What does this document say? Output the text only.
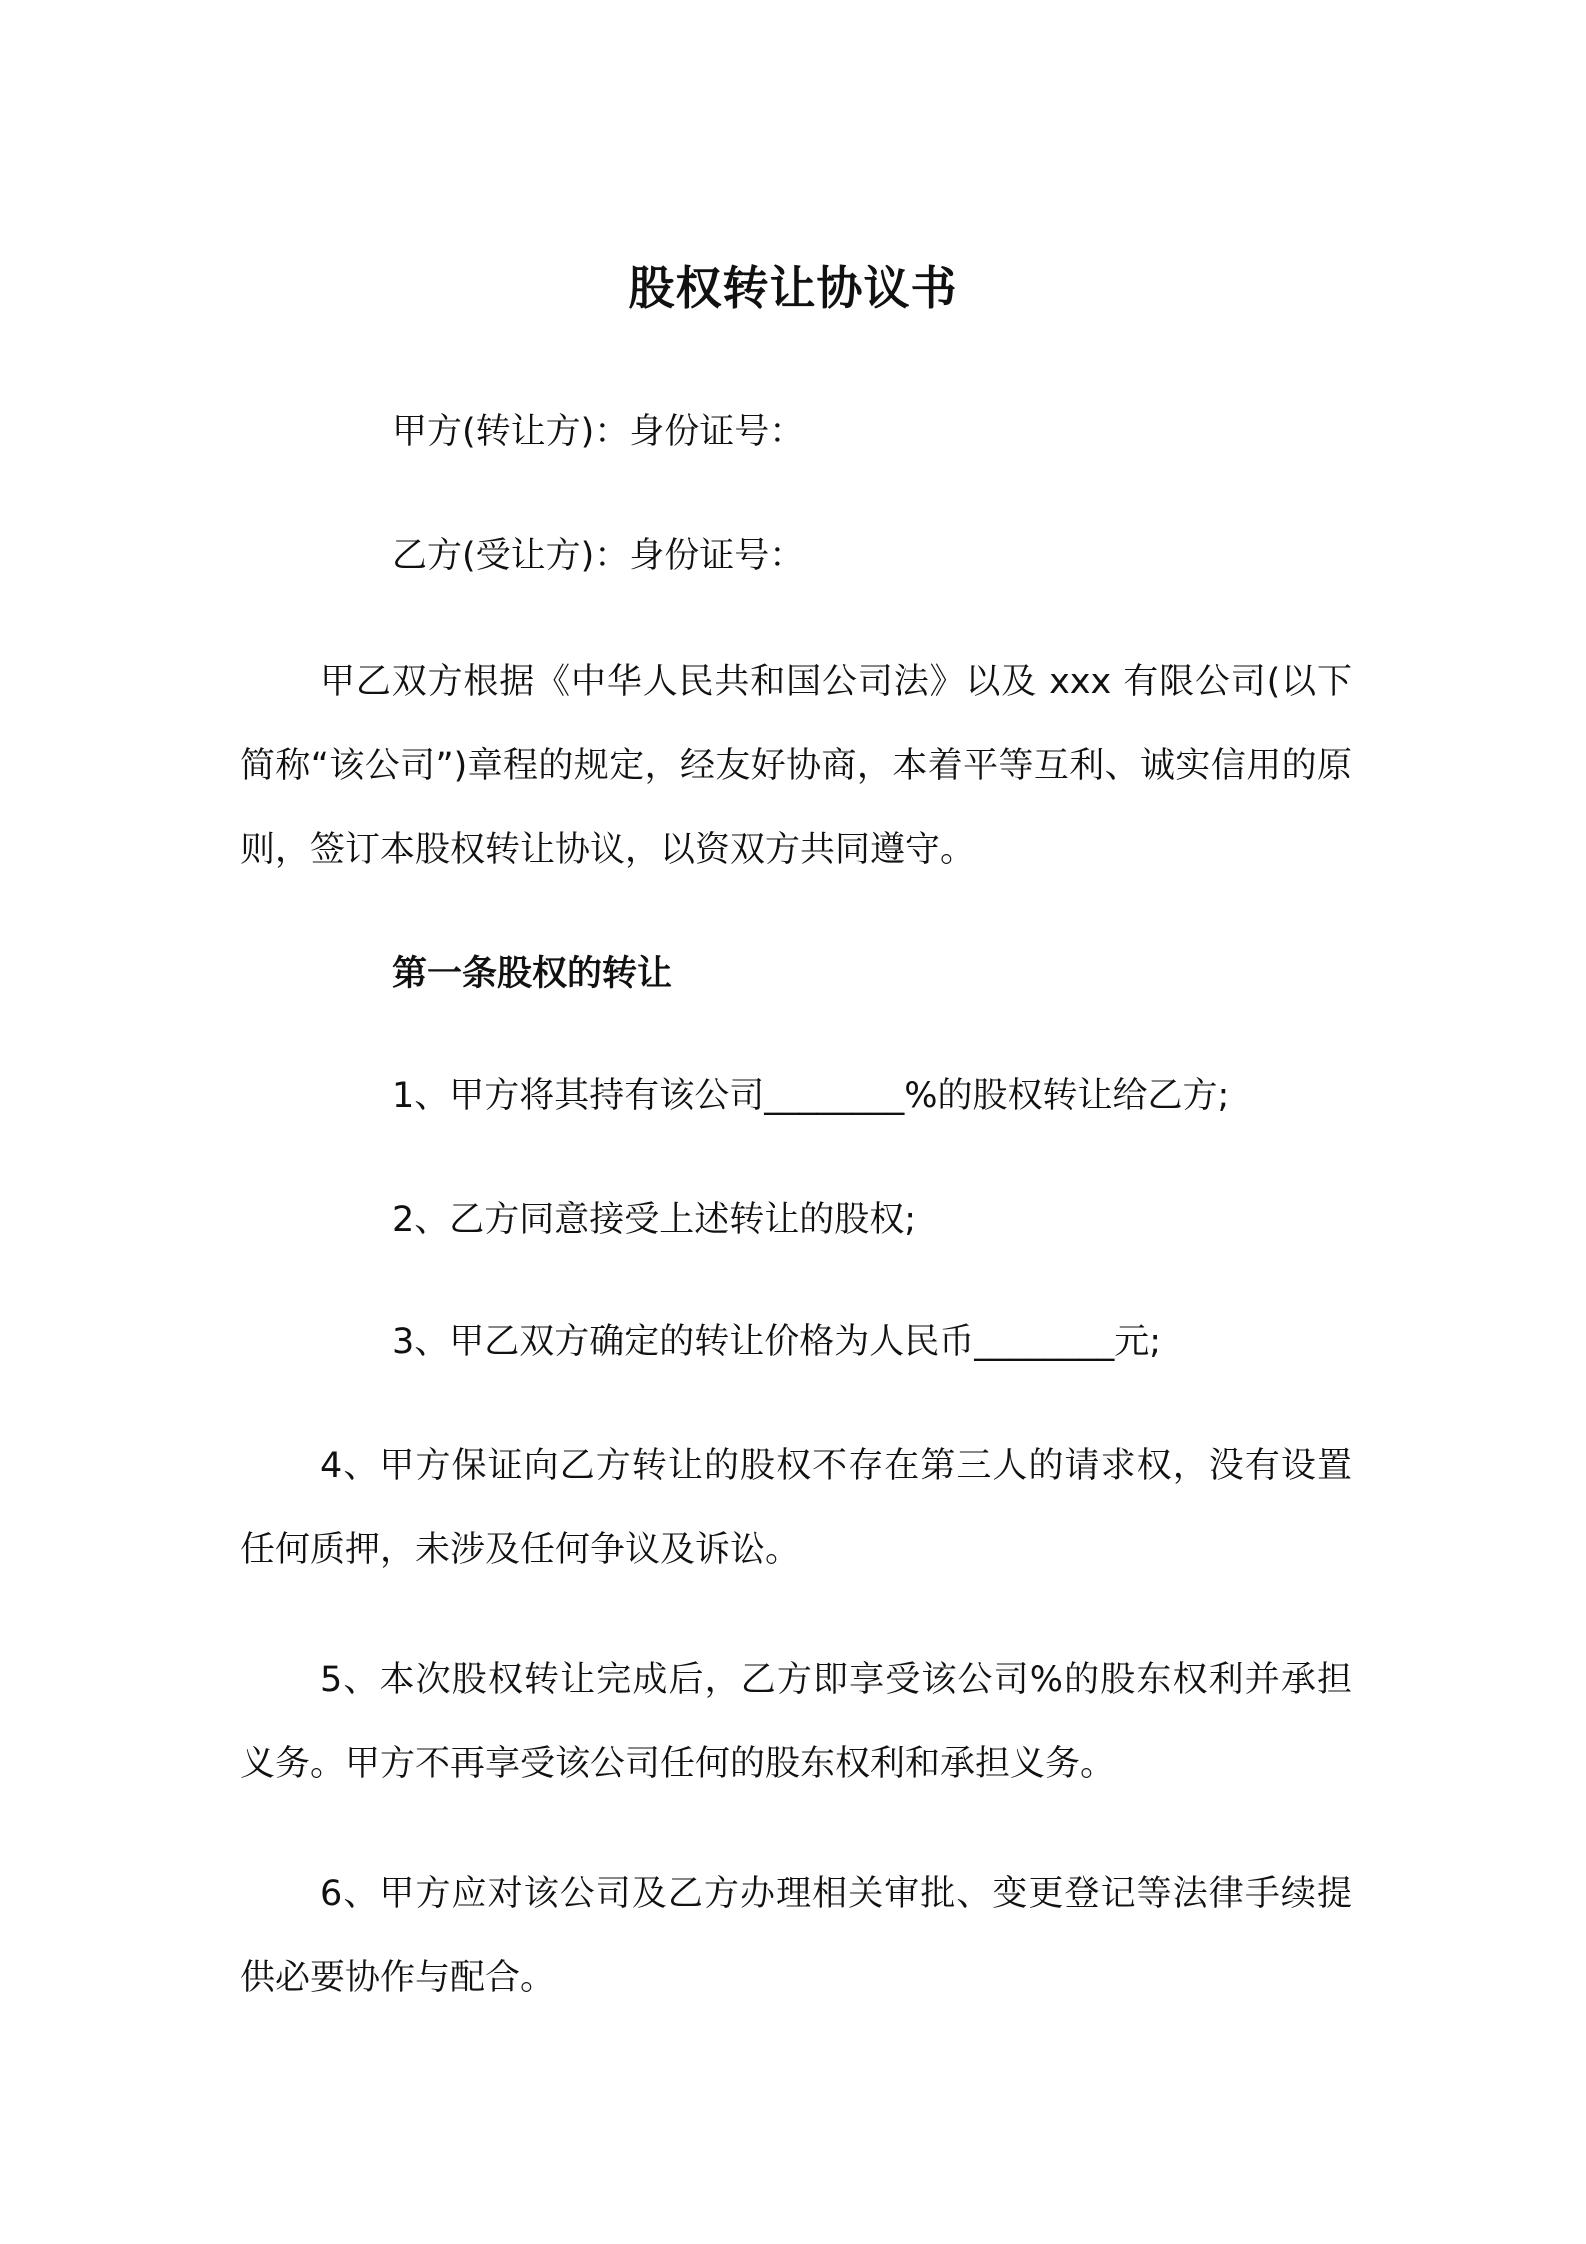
股权转让协议书
甲方(转让方)：身份证号：
乙方(受让方)：身份证号：
甲乙双方根据《中华人民共和国公司法》以及 xxx 有限公司(以下简称“该公司”)章程的规定，经友好协商，本着平等互利、诚实信用的原则，签订本股权转让协议，以资双方共同遵守。
第一条股权的转让
1、甲方将其持有该公司________%的股权转让给乙方;
2、乙方同意接受上述转让的股权;
3、甲乙双方确定的转让价格为人民币________元;
4、甲方保证向乙方转让的股权不存在第三人的请求权，没有设置任何质押，未涉及任何争议及诉讼。
5、本次股权转让完成后，乙方即享受该公司%的股东权利并承担义务。甲方不再享受该公司任何的股东权利和承担义务。
6、甲方应对该公司及乙方办理相关审批、变更登记等法律手续提供必要协作与配合。
